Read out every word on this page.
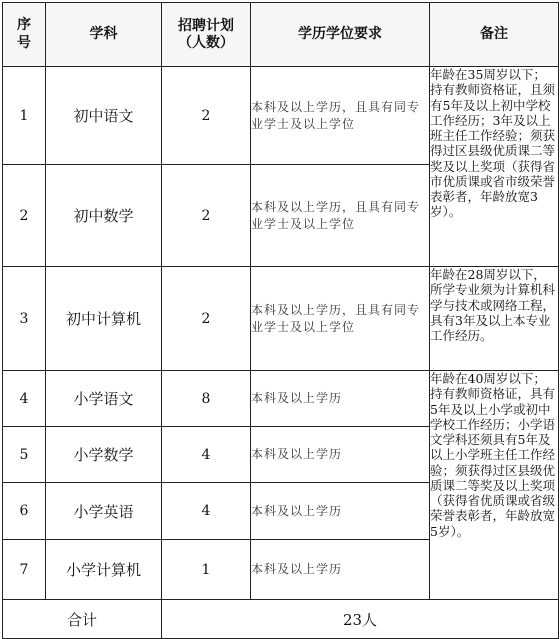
序号	学科	招聘计划（人数）	学历学位要求	备注
1	初中语文	2	本科及以上学历，且具有同专业学士及以上学位	年龄在35周岁以下；持有教师资格证，且须有5年及以上初中学校工作经历；3年及以上班主任工作经验；须获得过区县级优质课二等奖及以上奖项（获得省市优质课或省市级荣誉表彰者，年龄放宽3岁）。
2	初中数学	2	本科及以上学历，且具有同专业学士及以上学位	
3	初中计算机	2	本科及以上学历，且具有同专业学士及以上学位	年龄在28周岁以下，所学专业须为计算机科学与技术或网络工程，具有3年及以上本专业工作经历。
4	小学语文	8	本科及以上学历	年龄在40周岁以下；持有教师资格证，具有5年及以上小学或初中学校工作经历；小学语文学科还须具有5年及以上小学班主任工作经验；须获得过区县级优质课二等奖及以上奖项（获得省优质课或省级荣誉表彰者，年龄放宽5岁）。
5	小学数学	4	本科及以上学历	
6	小学英语	4	本科及以上学历	
7	小学计算机	1	本科及以上学历	
合计		23人		
